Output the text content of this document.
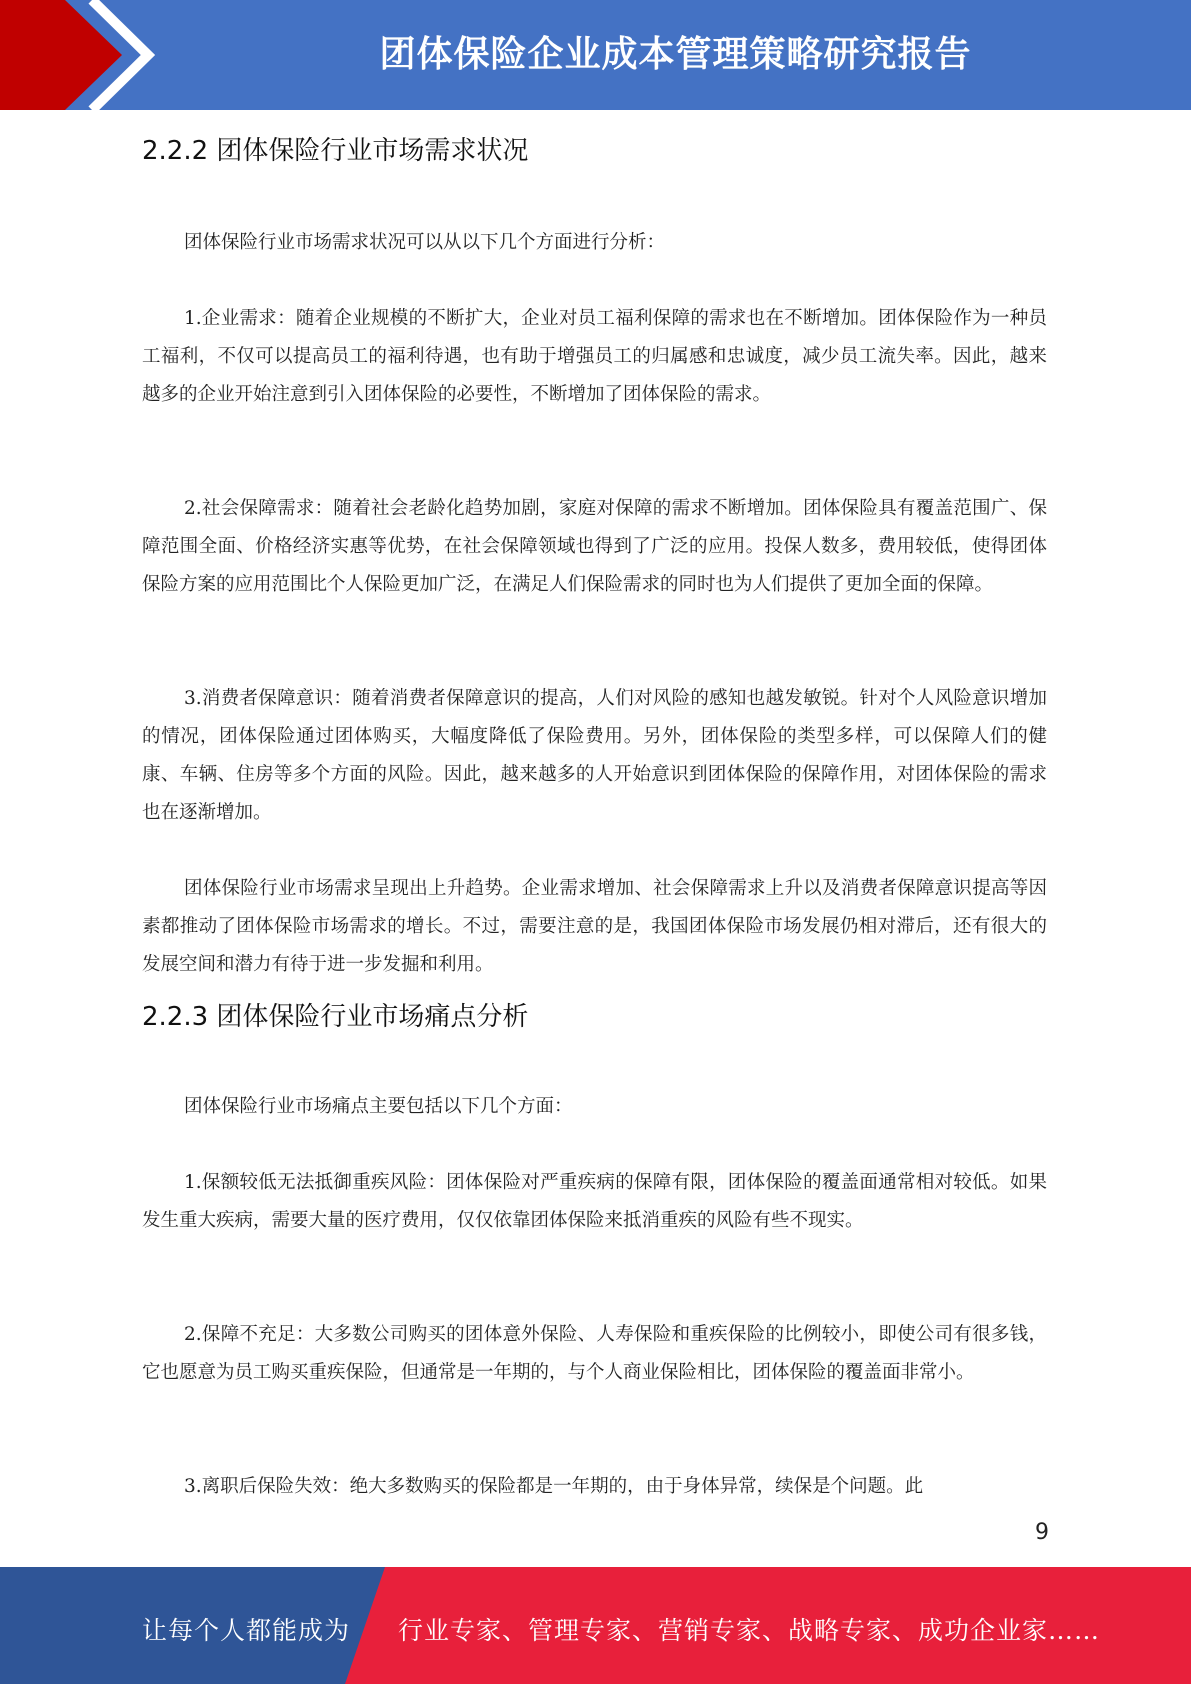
团体保险企业成本管理策略研究报告
2.2.2 团体保险行业市场需求状况

团体保险行业市场需求状况可以从以下几个方面进行分析：

1.企业需求：随着企业规模的不断扩大，企业对员工福利保障的需求也在不断增加。团体保险作为一种员工福利，不仅可以提高员工的福利待遇，也有助于增强员工的归属感和忠诚度，减少员工流失率。因此，越来越多的企业开始注意到引入团体保险的必要性，不断增加了团体保险的需求。

2.社会保障需求：随着社会老龄化趋势加剧，家庭对保障的需求不断增加。团体保险具有覆盖范围广、保障范围全面、价格经济实惠等优势，在社会保障领域也得到了广泛的应用。投保人数多，费用较低，使得团体保险方案的应用范围比个人保险更加广泛，在满足人们保险需求的同时也为人们提供了更加全面的保障。

3.消费者保障意识：随着消费者保障意识的提高，人们对风险的感知也越发敏锐。针对个人风险意识增加的情况，团体保险通过团体购买，大幅度降低了保险费用。另外，团体保险的类型多样，可以保障人们的健康、车辆、住房等多个方面的风险。因此，越来越多的人开始意识到团体保险的保障作用，对团体保险的需求也在逐渐增加。

团体保险行业市场需求呈现出上升趋势。企业需求增加、社会保障需求上升以及消费者保障意识提高等因素都推动了团体保险市场需求的增长。不过，需要注意的是，我国团体保险市场发展仍相对滞后，还有很大的发展空间和潜力有待于进一步发掘和利用。

2.2.3 团体保险行业市场痛点分析

团体保险行业市场痛点主要包括以下几个方面：

1.保额较低无法抵御重疾风险：团体保险对严重疾病的保障有限，团体保险的覆盖面通常相对较低。如果发生重大疾病，需要大量的医疗费用，仅仅依靠团体保险来抵消重疾的风险有些不现实。

2.保障不充足：大多数公司购买的团体意外保险、人寿保险和重疾保险的比例较小，即使公司有很多钱，它也愿意为员工购买重疾保险，但通常是一年期的，与个人商业保险相比，团体保险的覆盖面非常小。

3.离职后保险失效：绝大多数购买的保险都是一年期的，由于身体异常，续保是个问题。此

9
让每个人都能成为 行业专家、管理专家、营销专家、战略专家、成功企业家……
